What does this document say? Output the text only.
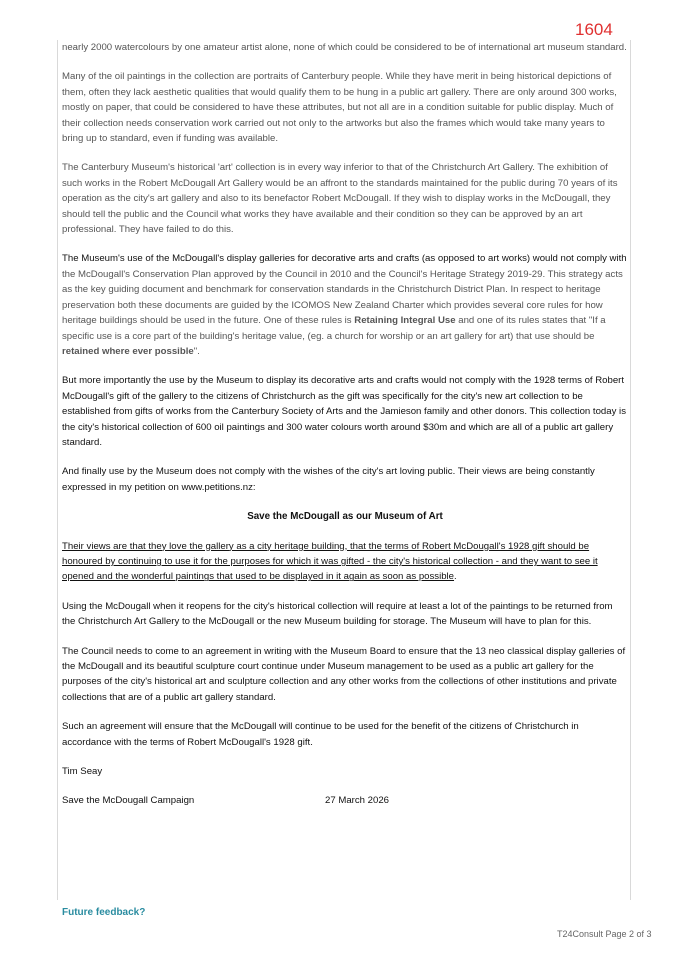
1604

nearly 2000 watercolours by one amateur artist alone, none of which could be considered to be of international art museum standard.

Many of the oil paintings in the collection are portraits of Canterbury people. While they have merit in being historical depictions of them, often they lack aesthetic qualities that would qualify them to be hung in a public art gallery. There are only around 300 works, mostly on paper, that could be considered to have these attributes, but not all are in a condition suitable for public display. Much of their collection needs conservation work carried out not only to the artworks but also the frames which would take many years to bring up to standard, even if funding was available.

The Canterbury Museum's historical 'art' collection is in every way inferior to that of the Christchurch Art Gallery. The exhibition of such works in the Robert McDougall Art Gallery would be an affront to the standards maintained for the public during 70 years of its operation as the city's art gallery and also to its benefactor Robert McDougall. If they wish to display works in the McDougall, they should tell the public and the Council what works they have available and their condition so they can be approved by an art professional. They have failed to do this.

The Museum's use of the McDougall's display galleries for decorative arts and crafts (as opposed to art works) would not comply with the McDougall's Conservation Plan approved by the Council in 2010 and the Council's Heritage Strategy 2019-29. This strategy acts as the key guiding document and benchmark for conservation standards in the Christchurch District Plan. In respect to heritage preservation both these documents are guided by the ICOMOS New Zealand Charter which provides several core rules for how heritage buildings should be used in the future. One of these rules is Retaining Integral Use and one of its rules states that "If a specific use is a core part of the building's heritage value, (eg. a church for worship or an art gallery for art) that use should be retained where ever possible".

But more importantly the use by the Museum to display its decorative arts and crafts would not comply with the 1928 terms of Robert McDougall's gift of the gallery to the citizens of Christchurch as the gift was specifically for the city's new art collection to be established from gifts of works from the Canterbury Society of Arts and the Jamieson family and other donors. This collection today is the city's historical collection of 600 oil paintings and 300 water colours worth around $30m and which are all of a public art gallery standard.

And finally use by the Museum does not comply with the wishes of the city's art loving public. Their views are being constantly expressed in my petition on www.petitions.nz:

Save the McDougall as our Museum of Art

Their views are that they love the gallery as a city heritage building, that the terms of Robert McDougall's 1928 gift should be honoured by continuing to use it for the purposes for which it was gifted - the city's historical collection - and they want to see it opened and the wonderful paintings that used to be displayed in it again as soon as possible.

Using the McDougall when it reopens for the city's historical collection will require at least a lot of the paintings to be returned from the Christchurch Art Gallery to the McDougall or the new Museum building for storage. The Museum will have to plan for this.

The Council needs to come to an agreement in writing with the Museum Board to ensure that the 13 neo classical display galleries of the McDougall and its beautiful sculpture court continue under Museum management to be used as a public art gallery for the purposes of the city's historical art and sculpture collection and any other works from the collections of other institutions and private collections that are of a public art gallery standard.

Such an agreement will ensure that the McDougall will continue to be used for the benefit of the citizens of Christchurch in accordance with the terms of Robert McDougall's 1928 gift.

Tim Seay

Save the McDougall Campaign	27 March 2026
Future feedback?
T24Consult Page 2 of 3
